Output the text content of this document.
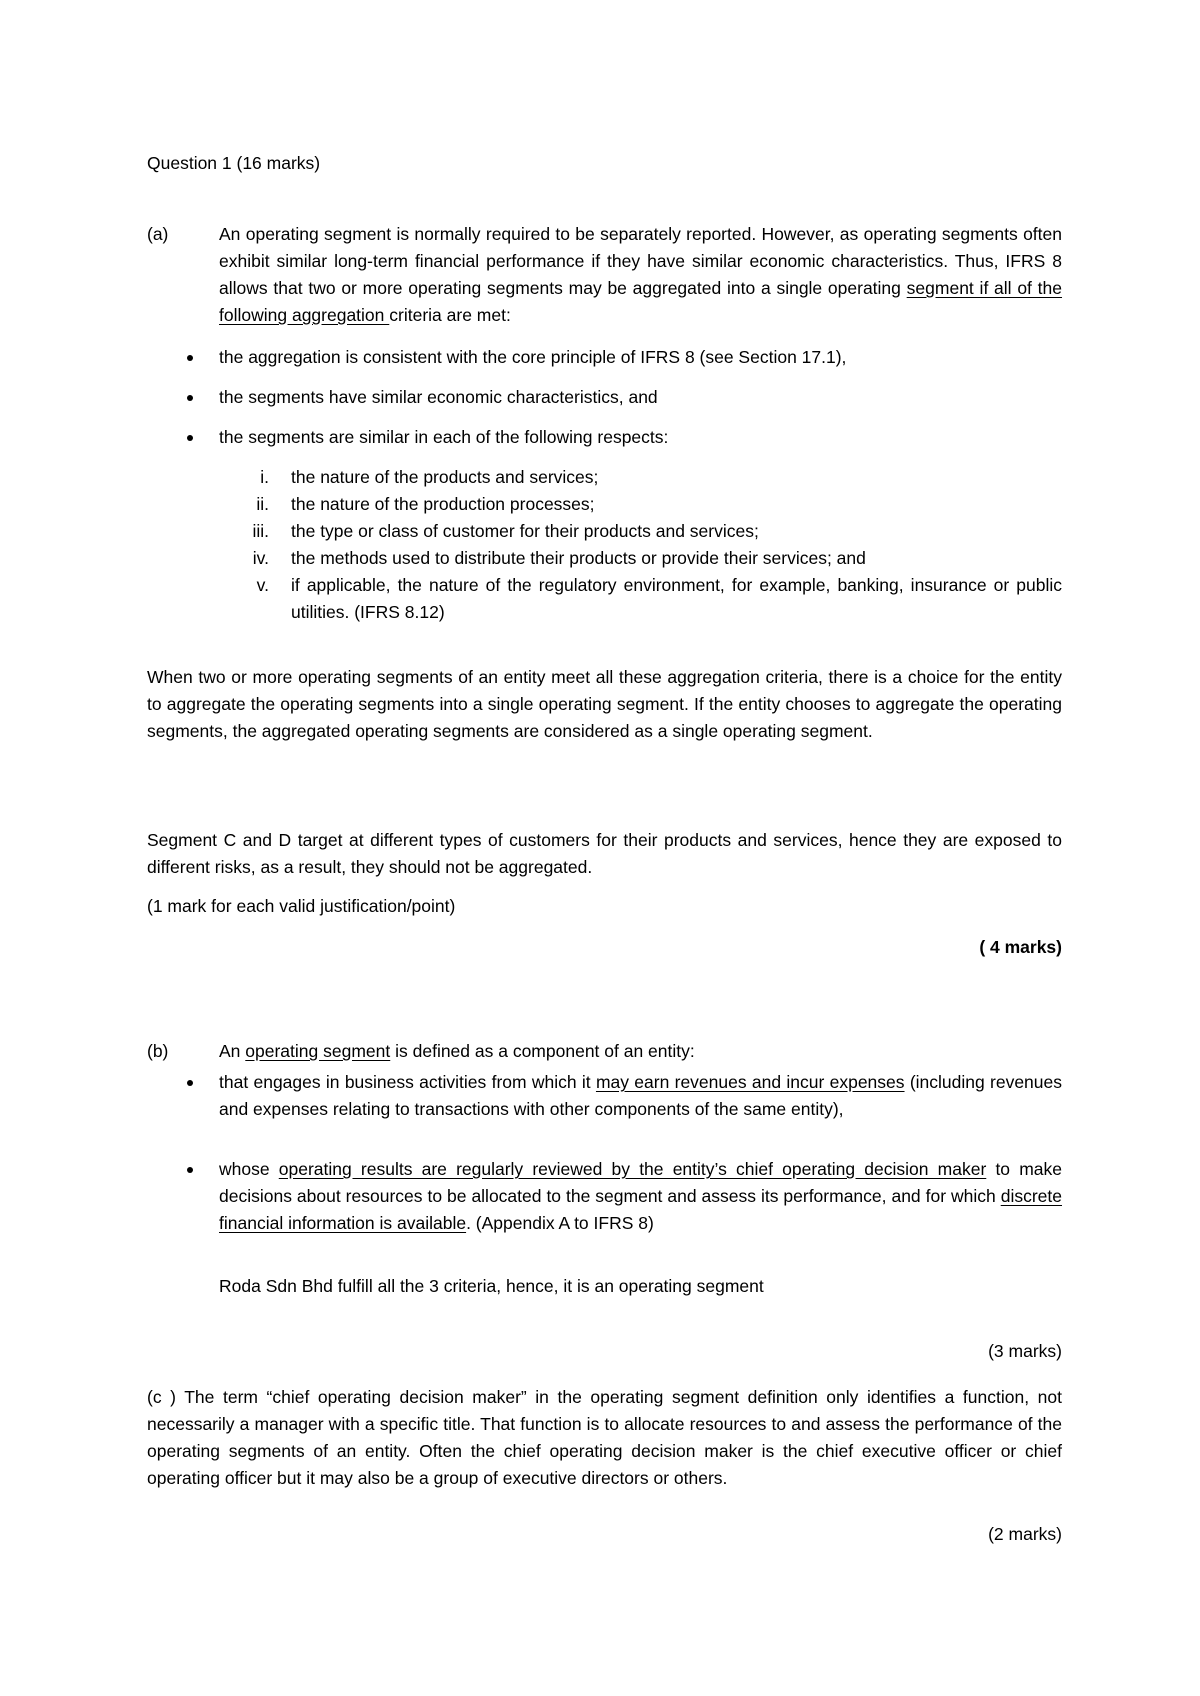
Question 1 (16 marks)
(a)	An operating segment is normally required to be separately reported. However, as operating segments often exhibit similar long-term financial performance if they have similar economic characteristics. Thus, IFRS 8 allows that two or more operating segments may be aggregated into a single operating segment if all of the following aggregation criteria are met:
the aggregation is consistent with the core principle of IFRS 8 (see Section 17.1),
the segments have similar economic characteristics, and
the segments are similar in each of the following respects:
i. the nature of the products and services;
ii. the nature of the production processes;
iii. the type or class of customer for their products and services;
iv. the methods used to distribute their products or provide their services; and
v. if applicable, the nature of the regulatory environment, for example, banking, insurance or public utilities. (IFRS 8.12)
When two or more operating segments of an entity meet all these aggregation criteria, there is a choice for the entity to aggregate the operating segments into a single operating segment. If the entity chooses to aggregate the operating segments, the aggregated operating segments are considered as a single operating segment.
Segment C and D target at different types of customers for their products and services, hence they are exposed to different risks, as a result, they should not be aggregated.
(1 mark for each valid justification/point)
( 4 marks)
(b)	An operating segment is defined as a component of an entity:
that engages in business activities from which it may earn revenues and incur expenses (including revenues and expenses relating to transactions with other components of the same entity),
whose operating results are regularly reviewed by the entity’s chief operating decision maker to make decisions about resources to be allocated to the segment and assess its performance, and for which discrete financial information is available. (Appendix A to IFRS 8)
Roda Sdn Bhd fulfill all the 3 criteria, hence, it is an operating segment
(3 marks)
(c ) The term “chief operating decision maker” in the operating segment definition only identifies a function, not necessarily a manager with a specific title. That function is to allocate resources to and assess the performance of the operating segments of an entity. Often the chief operating decision maker is the chief executive officer or chief operating officer but it may also be a group of executive directors or others.
(2 marks)
